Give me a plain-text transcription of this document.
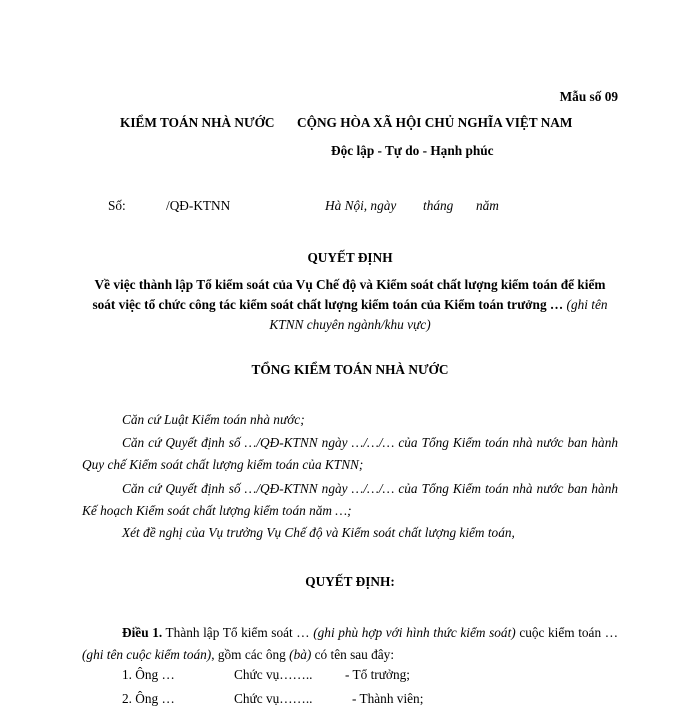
Mẫu số 09
KIỂM TOÁN NHÀ NƯỚC CỘNG HÒA XÃ HỘI CHỦ NGHĨA VIỆT NAM
Độc lập - Tự do - Hạnh phúc
Số:	/QĐ-KTNN	Hà Nội, ngày tháng năm
QUYẾT ĐỊNH
Về việc thành lập Tổ kiểm soát của Vụ Chế độ và Kiểm soát chất lượng kiểm toán để kiểm
soát việc tổ chức công tác kiểm soát chất lượng kiểm toán của Kiểm toán trưởng … (ghi tên
KTNN chuyên ngành/khu vực)
TỔNG KIỂM TOÁN NHÀ NƯỚC
Căn cứ Luật Kiểm toán nhà nước;
Căn cứ Quyết định số …/QĐ-KTNN ngày …/…/… của Tổng Kiểm toán nhà nước ban hành Quy chế Kiểm soát chất lượng kiểm toán của KTNN;
Căn cứ Quyết định số …/QĐ-KTNN ngày …/…/… của Tổng Kiểm toán nhà nước ban hành Kế hoạch Kiểm soát chất lượng kiểm toán năm …;
Xét đề nghị của Vụ trưởng Vụ Chế độ và Kiểm soát chất lượng kiểm toán,
QUYẾT ĐỊNH:
Điều 1. Thành lập Tổ kiểm soát … (ghi phù hợp với hình thức kiểm soát) cuộc kiểm toán … (ghi tên cuộc kiểm toán), gồm các ông (bà) có tên sau đây:
1. Ông …	Chức vụ…….. - Tổ trưởng;
2. Ông …	Chức vụ……..	- Thành viên;
